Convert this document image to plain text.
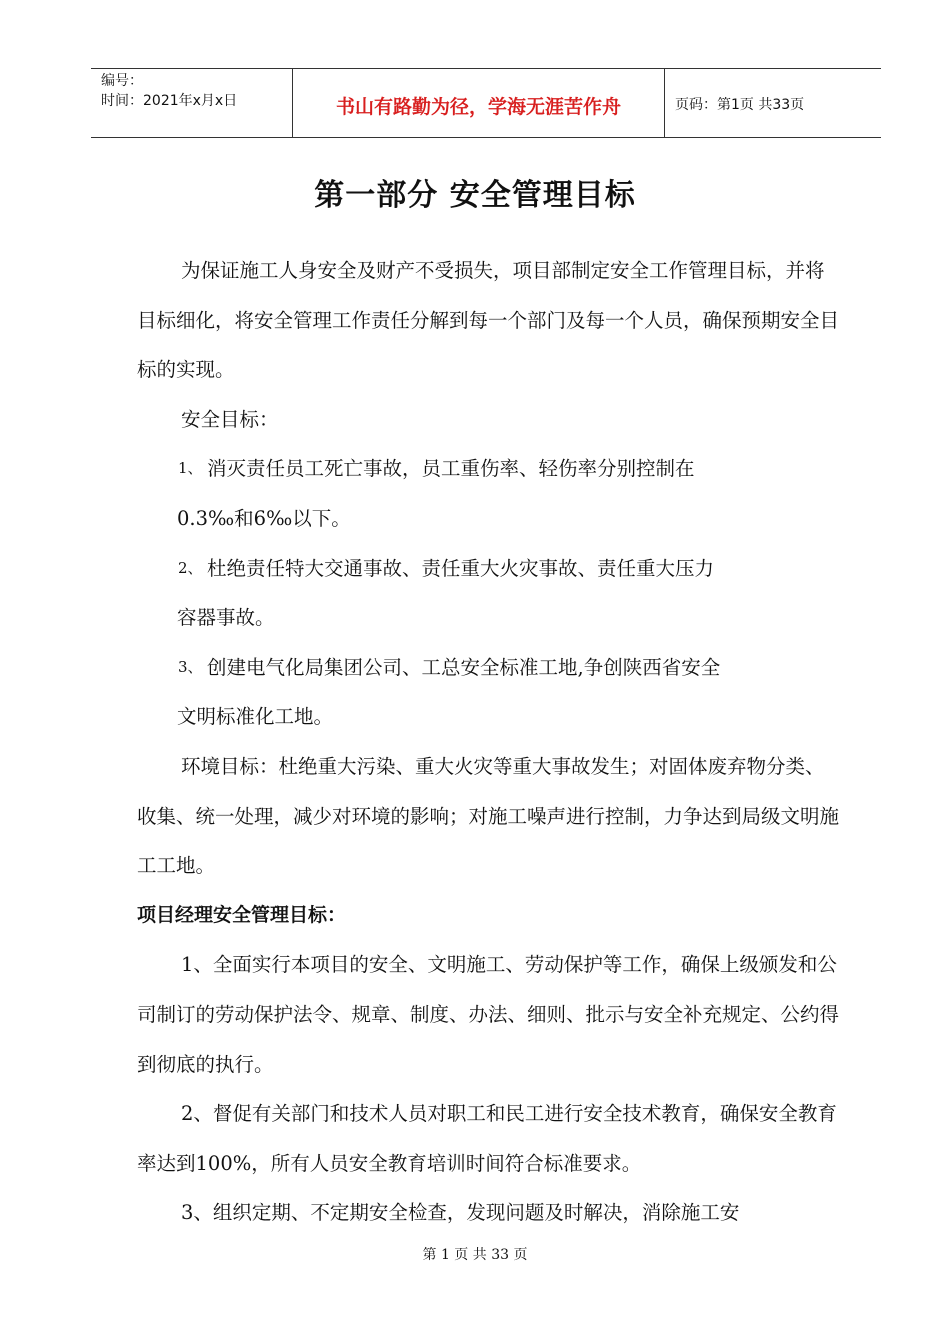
编号：
时间：2021年x月x日	书山有路勤为径，学海无涯苦作舟	页码：第1页 共33页
第一部分 安全管理目标

为保证施工人身安全及财产不受损失，项目部制定安全工作管理目标，并将目标细化，将安全管理工作责任分解到每一个部门及每一个人员，确保预期安全目标的实现。

安全目标：

1、 消灭责任员工死亡事故，员工重伤率、轻伤率分别控制在
0.3‰和6‰以下。
2、 杜绝责任特大交通事故、责任重大火灾事故、责任重大压力
容器事故。
3、 创建电气化局集团公司、工总安全标准工地,争创陕西省安全
文明标准化工地。

环境目标：杜绝重大污染、重大火灾等重大事故发生；对固体废弃物分类、收集、统一处理，减少对环境的影响；对施工噪声进行控制，力争达到局级文明施工工地。

项目经理安全管理目标：

1、全面实行本项目的安全、文明施工、劳动保护等工作，确保上级颁发和公司制订的劳动保护法令、规章、制度、办法、细则、批示与安全补充规定、公约得到彻底的执行。

2、督促有关部门和技术人员对职工和民工进行安全技术教育，确保安全教育率达到100%，所有人员安全教育培训时间符合标准要求。

3、组织定期、不定期安全检查，发现问题及时解决，消除施工安

第 1 页 共 33 页
